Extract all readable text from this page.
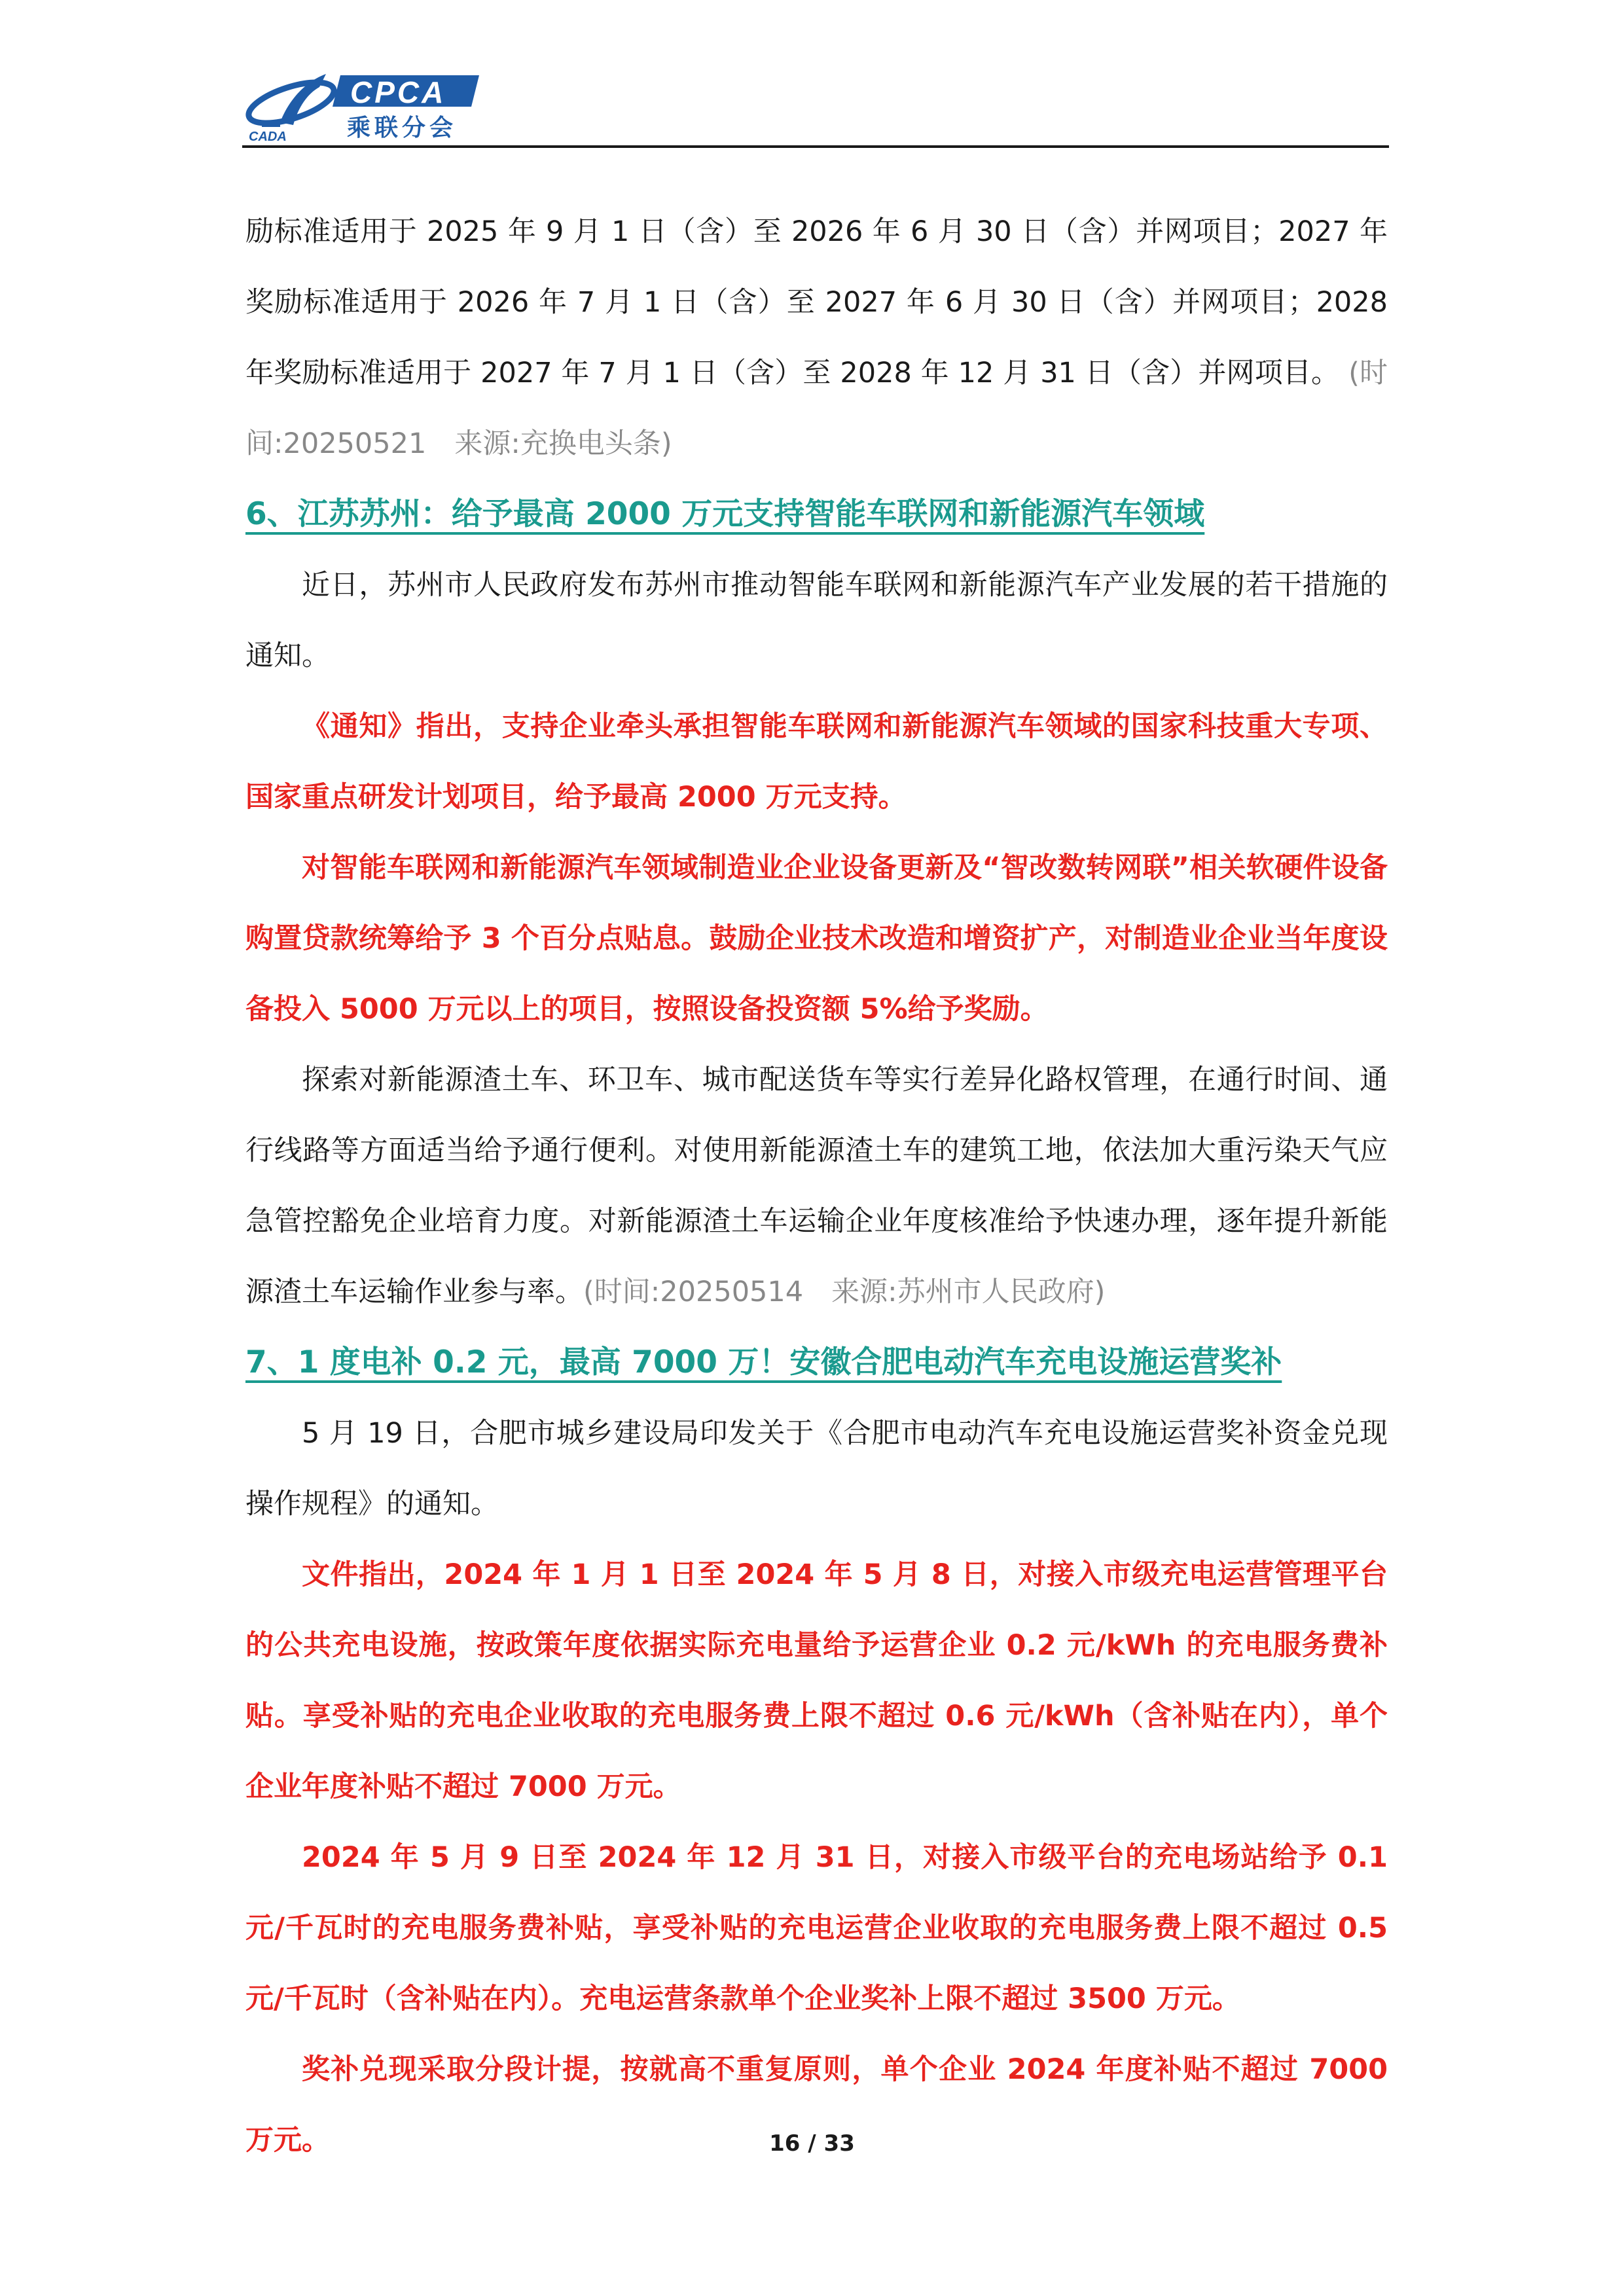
CADA
CPCA
乘联分会

励标准适用于 2025 年 9 月 1 日（含）至 2026 年 6 月 30 日（含）并网项目；2027 年奖励标准适用于 2026 年 7 月 1 日（含）至 2027 年 6 月 30 日（含）并网项目；2028 年奖励标准适用于 2027 年 7 月 1 日（含）至 2028 年 12 月 31 日（含）并网项目。 (时间:20250521　来源:充换电头条)

6、江苏苏州：给予最高 2000 万元支持智能车联网和新能源汽车领域

近日，苏州市人民政府发布苏州市推动智能车联网和新能源汽车产业发展的若干措施的通知。

《通知》指出，支持企业牵头承担智能车联网和新能源汽车领域的国家科技重大专项、国家重点研发计划项目，给予最高 2000 万元支持。

对智能车联网和新能源汽车领域制造业企业设备更新及“智改数转网联”相关软硬件设备购置贷款统筹给予 3 个百分点贴息。鼓励企业技术改造和增资扩产，对制造业企业当年度设备投入 5000 万元以上的项目，按照设备投资额 5%给予奖励。

探索对新能源渣土车、环卫车、城市配送货车等实行差异化路权管理，在通行时间、通行线路等方面适当给予通行便利。对使用新能源渣土车的建筑工地，依法加大重污染天气应急管控豁免企业培育力度。对新能源渣土车运输企业年度核准给予快速办理，逐年提升新能源渣土车运输作业参与率。(时间:20250514　来源:苏州市人民政府)

7、1 度电补 0.2 元，最高 7000 万！安徽合肥电动汽车充电设施运营奖补

5 月 19 日，合肥市城乡建设局印发关于《合肥市电动汽车充电设施运营奖补资金兑现操作规程》的通知。

文件指出，2024 年 1 月 1 日至 2024 年 5 月 8 日，对接入市级充电运营管理平台的公共充电设施，按政策年度依据实际充电量给予运营企业 0.2 元/kWh 的充电服务费补贴。享受补贴的充电企业收取的充电服务费上限不超过 0.6 元/kWh（含补贴在内），单个企业年度补贴不超过 7000 万元。

2024 年 5 月 9 日至 2024 年 12 月 31 日，对接入市级平台的充电场站给予 0.1 元/千瓦时的充电服务费补贴，享受补贴的充电运营企业收取的充电服务费上限不超过 0.5 元/千瓦时（含补贴在内）。充电运营条款单个企业奖补上限不超过 3500 万元。

奖补兑现采取分段计提，按就高不重复原则，单个企业 2024 年度补贴不超过 7000 万元。	16 / 33
